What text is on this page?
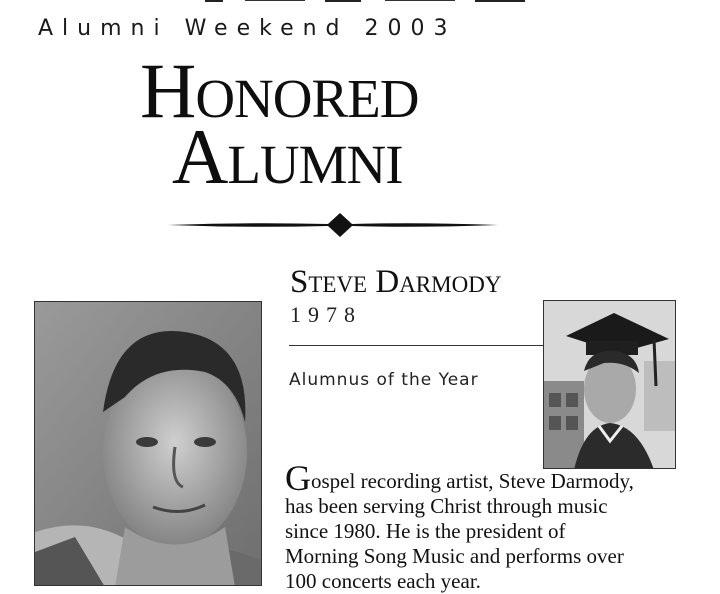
Alumni Weekend 2003
Honored
Alumni
Steve Darmody
1978
Alumnus of the Year
Gospel recording artist, Steve Darmody,
has been serving Christ through music
since 1980. He is the president of
Morning Song Music and performs over
100 concerts each year.
